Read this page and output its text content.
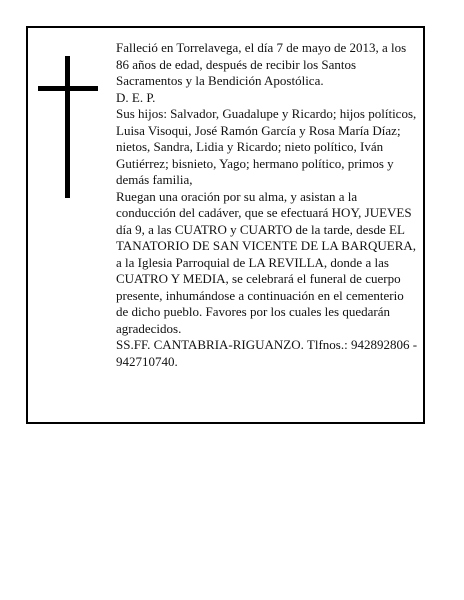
Falleció en Torrelavega, el día 7 de mayo de 2013, a los 86 años de edad, después de recibir los Santos Sacramentos y la Bendición Apostólica.

D. E. P.

Sus hijos: Salvador, Guadalupe y Ricardo; hijos políticos, Luisa Visoqui, José Ramón García y Rosa María Díaz; nietos, Sandra, Lidia y Ricardo; nieto político, Iván Gutiérrez; bisnieto, Yago; hermano político, primos y demás familia,

Ruegan una oración por su alma, y asistan a la conducción del cadáver, que se efectuará HOY, JUEVES día 9, a las CUATRO y CUARTO de la tarde, desde EL TANATORIO DE SAN VICENTE DE LA BARQUERA, a la Iglesia Parroquial de LA REVILLA, donde a las CUATRO Y MEDIA, se celebrará el funeral de cuerpo presente, inhumándose a continuación en el cementerio de dicho pueblo. Favores por los cuales les quedarán agradecidos.

SS.FF. CANTABRIA-RIGUANZO. Tlfnos.: 942892806 - 942710740.
